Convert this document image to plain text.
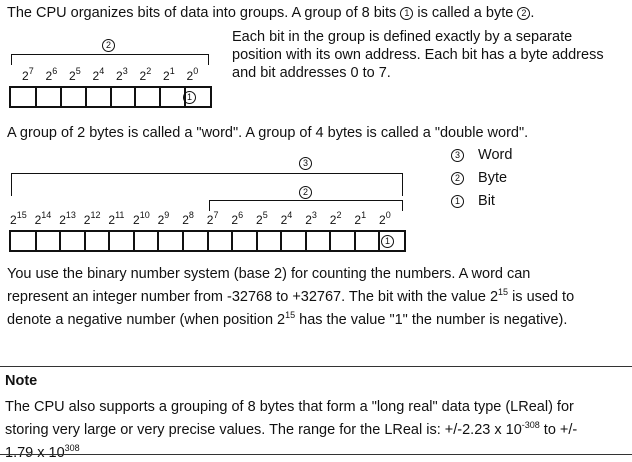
The CPU organizes bits of data into groups. A group of 8 bits 1 is called a byte 2 .
2
$2^7$ $2^6$ $2^5$ $2^4$ $2^3$ $2^2$ $2^1$ $2^0$
1
Each bit in the group is defined exactly by a separate
position with its own address. Each bit has a byte address
and bit addresses 0 to 7.
A group of 2 bytes is called a "word". A group of 4 bytes is called a "double word".
3
2
$2^{15}$ $2^{14}$ $2^{13}$ $2^{12}$ $2^{11}$ $2^{10}$ $2^9$ $2^8$ $2^7$ $2^6$ $2^5$ $2^4$ $2^3$ $2^2$ $2^1$ $2^0$
1
3 Word
2 Byte
1 Bit
You use the binary number system (base 2) for counting the numbers. A word can
represent an integer number from -32768 to +32767. The bit with the value $2^{15}$ is used to
denote a negative number (when position $2^{15}$ has the value "1" the number is negative).
Note
The CPU also supports a grouping of 8 bytes that form a "long real" data type (LReal) for
storing very large or very precise values. The range for the LReal is: +/-2.23 x $10^{-308}$ to +/-
1.79 x $10^{308}$
